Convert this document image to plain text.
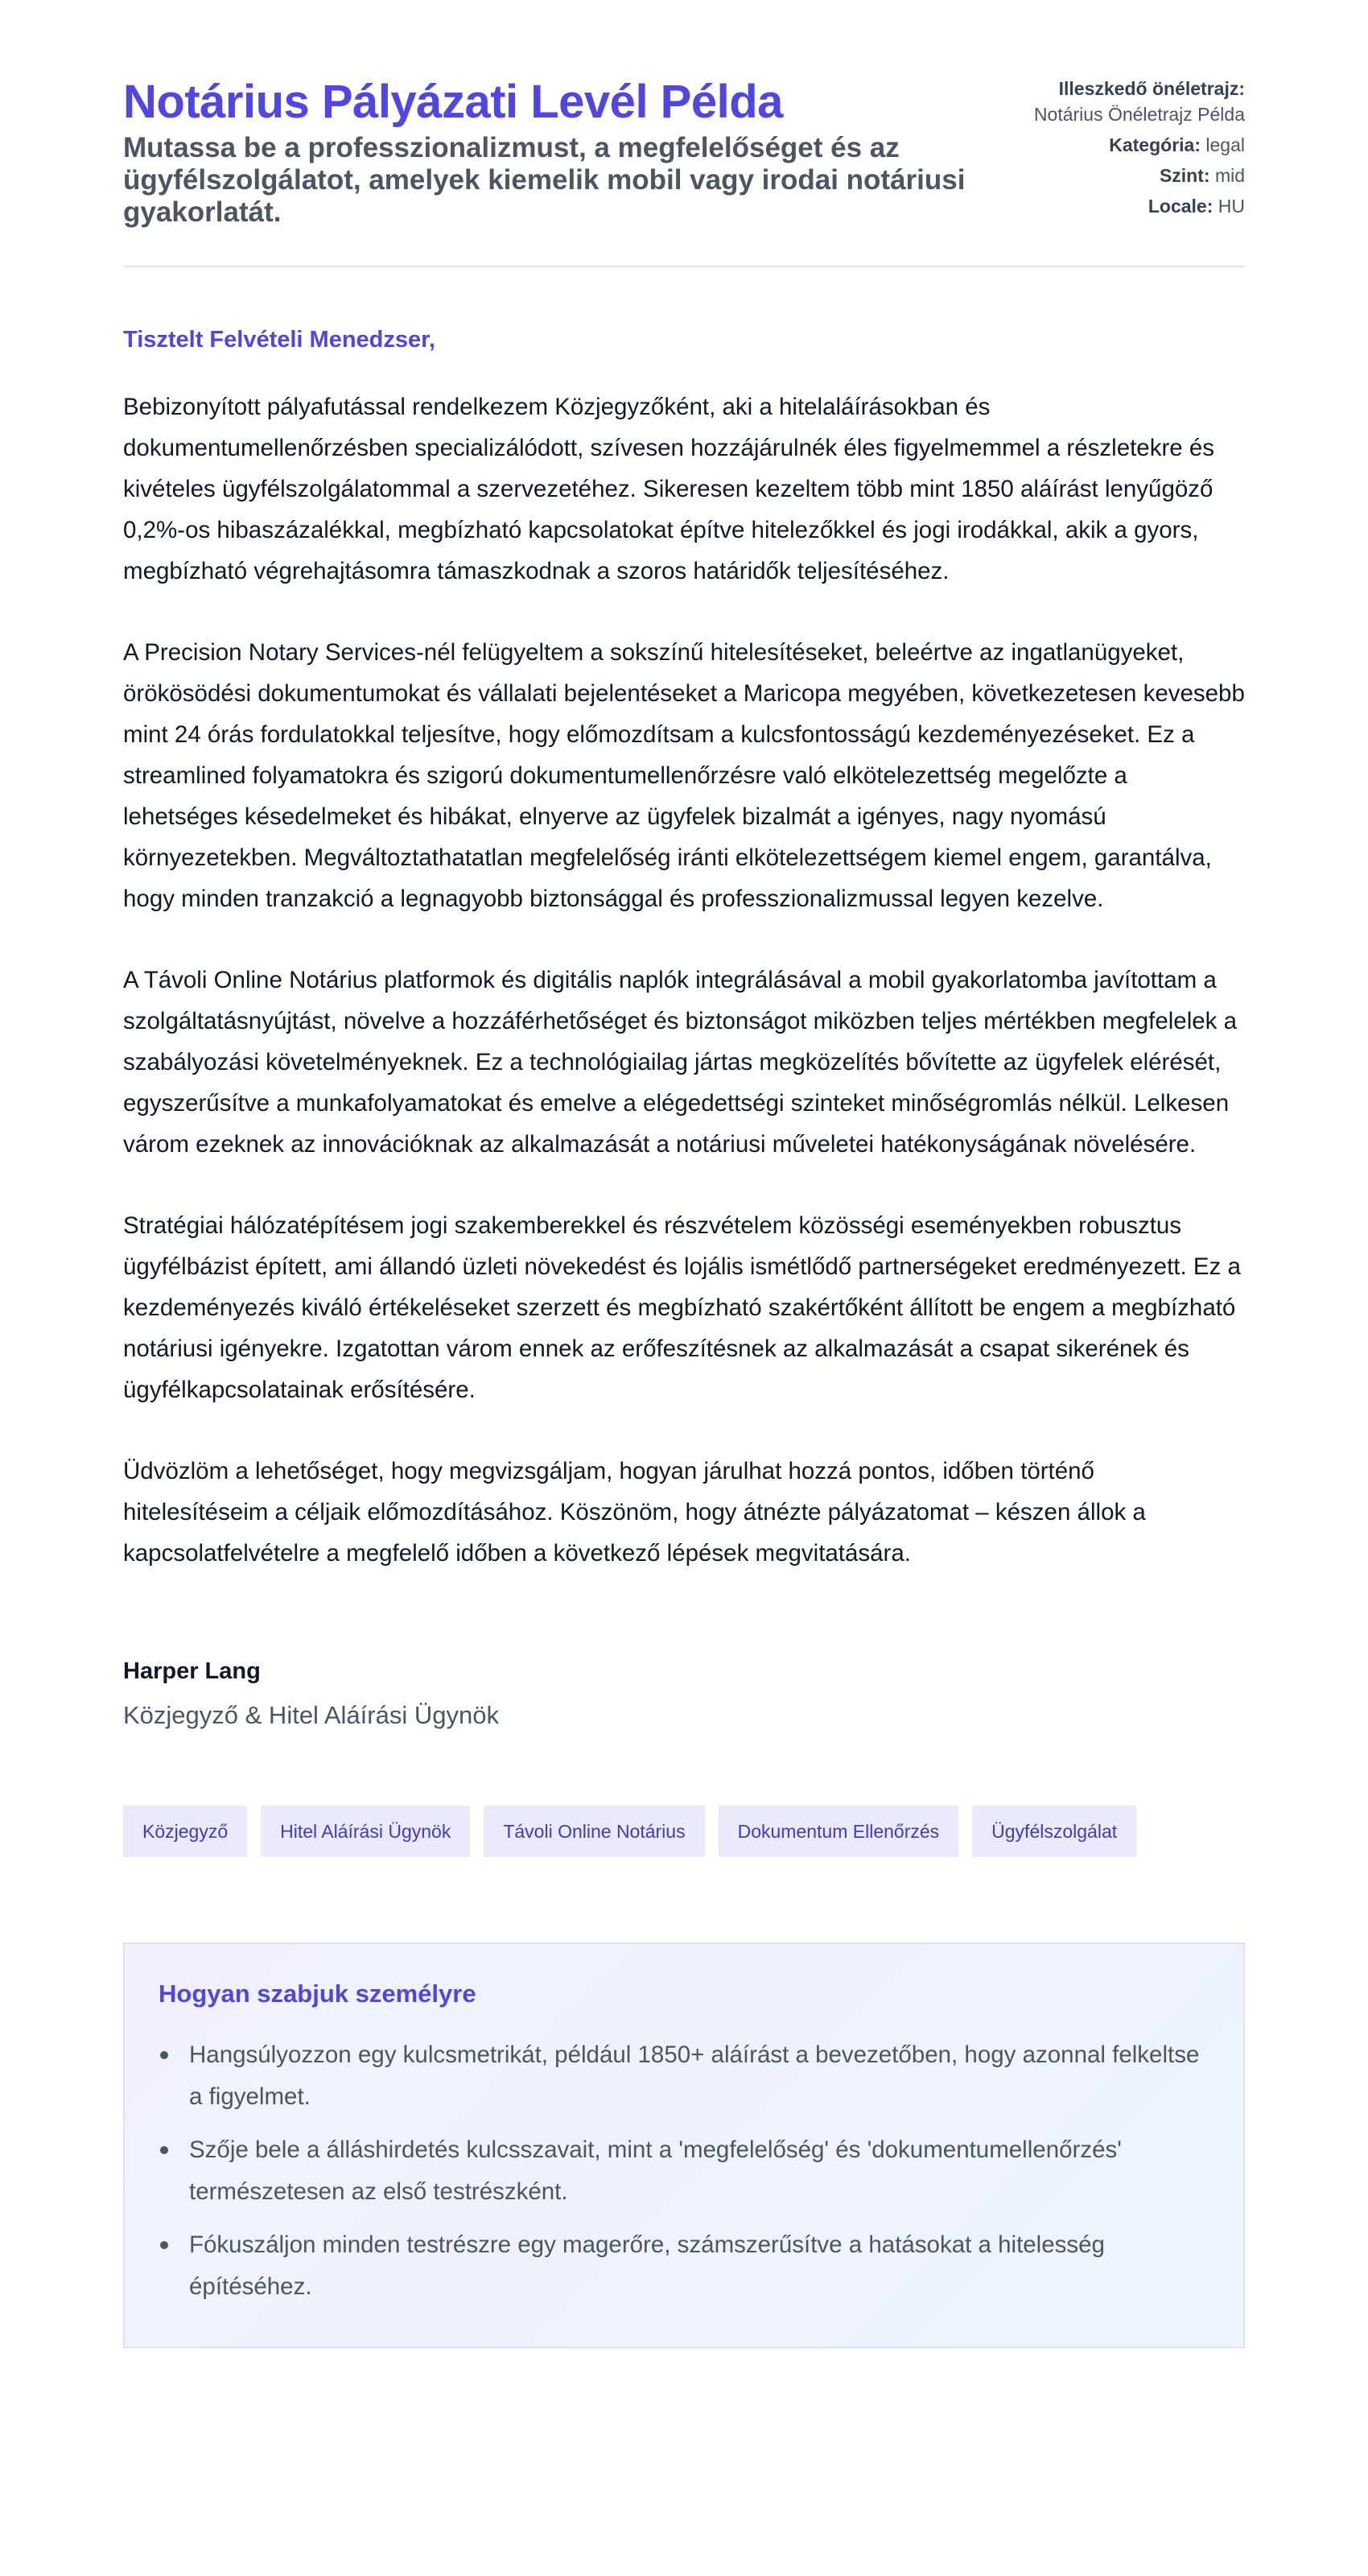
Notárius Pályázati Levél Példa
Mutassa be a professzionalizmust, a megfelelőséget és az ügyfélszolgálatot, amelyek kiemelik mobil vagy irodai notáriusi gyakorlatát.
Illeszkedő önéletrajz:
Notárius Önéletrajz Példa
Kategória: legal
Szint: mid
Locale: HU
Tisztelt Felvételi Menedzser,

Bebizonyított pályafutással rendelkezem Közjegyzőként, aki a hitelaláírásokban és dokumentumellenőrzésben specializálódott, szívesen hozzájárulnék éles figyelmemmel a részletekre és kivételes ügyfélszolgálatommal a szervezetéhez. Sikeresen kezeltem több mint 1850 aláírást lenyűgöző 0,2%-os hibaszázalékkal, megbízható kapcsolatokat építve hitelezőkkel és jogi irodákkal, akik a gyors, megbízható végrehajtásomra támaszkodnak a szoros határidők teljesítéséhez.

A Precision Notary Services-nél felügyeltem a sokszínű hitelesítéseket, beleértve az ingatlanügyeket, örökösödési dokumentumokat és vállalati bejelentéseket a Maricopa megyében, következetesen kevesebb mint 24 órás fordulatokkal teljesítve, hogy előmozdítsam a kulcsfontosságú kezdeményezéseket. Ez a streamlined folyamatokra és szigorú dokumentumellenőrzésre való elkötelezettség megelőzte a lehetséges késedelmeket és hibákat, elnyerve az ügyfelek bizalmát a igényes, nagy nyomású környezetekben. Megváltoztathatatlan megfelelőség iránti elkötelezettségem kiemel engem, garantálva, hogy minden tranzakció a legnagyobb biztonsággal és professzionalizmussal legyen kezelve.

A Távoli Online Notárius platformok és digitális naplók integrálásával a mobil gyakorlatomba javítottam a szolgáltatásnyújtást, növelve a hozzáférhetőséget és biztonságot miközben teljes mértékben megfelelek a szabályozási követelményeknek. Ez a technológiailag jártas megközelítés bővítette az ügyfelek elérését, egyszerűsítve a munkafolyamatokat és emelve a elégedettségi szinteket minőségromlás nélkül. Lelkesen várom ezeknek az innovációknak az alkalmazását a notáriusi műveletei hatékonyságának növelésére.

Stratégiai hálózatépítésem jogi szakemberekkel és részvételem közösségi eseményekben robusztus ügyfélbázist épített, ami állandó üzleti növekedést és lojális ismétlődő partnerségeket eredményezett. Ez a kezdeményezés kiváló értékeléseket szerzett és megbízható szakértőként állított be engem a megbízható notáriusi igényekre. Izgatottan várom ennek az erőfeszítésnek az alkalmazását a csapat sikerének és ügyfélkapcsolatainak erősítésére.

Üdvözlöm a lehetőséget, hogy megvizsgáljam, hogyan járulhat hozzá pontos, időben történő hitelesítéseim a céljaik előmozdításához. Köszönöm, hogy átnézte pályázatomat – készen állok a kapcsolatfelvételre a megfelelő időben a következő lépések megvitatására.

Harper Lang
Közjegyző & Hitel Aláírási Ügynök
Közjegyző	Hitel Aláírási Ügynök	Távoli Online Notárius	Dokumentum Ellenőrzés	Ügyfélszolgálat
Hogyan szabjuk személyre
Hangsúlyozzon egy kulcsmetrikát, például 1850+ aláírást a bevezetőben, hogy azonnal felkeltse a figyelmet.
Szője bele a álláshirdetés kulcsszavait, mint a 'megfelelőség' és 'dokumentumellenőrzés' természetesen az első testrészként.
Fókuszáljon minden testrészre egy magerőre, számszerűsítve a hatásokat a hitelesség építéséhez.
